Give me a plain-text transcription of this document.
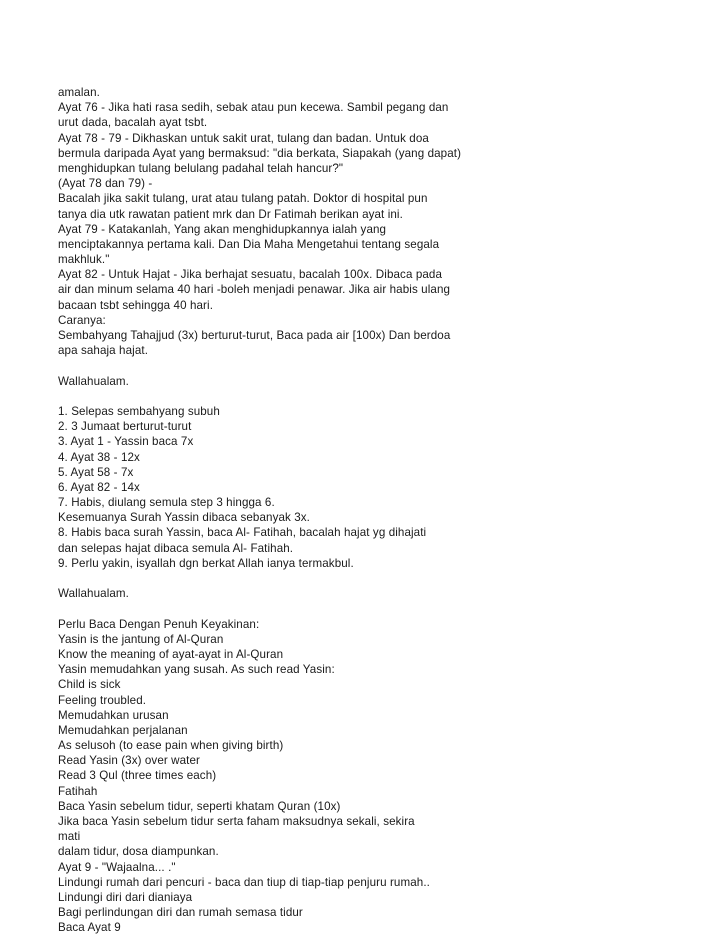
amalan.
Ayat 76 - Jika hati rasa sedih, sebak atau pun kecewa. Sambil pegang dan
urut dada, bacalah ayat tsbt.
Ayat 78 - 79 - Dikhaskan untuk sakit urat, tulang dan badan. Untuk doa
bermula daripada Ayat yang bermaksud: "dia berkata, Siapakah (yang dapat)
menghidupkan tulang belulang padahal telah hancur?"
(Ayat 78 dan 79) -
Bacalah jika sakit tulang, urat atau tulang patah. Doktor di hospital pun
tanya dia utk rawatan patient mrk dan Dr Fatimah berikan ayat ini.
Ayat 79 - Katakanlah, Yang akan menghidupkannya ialah yang
menciptakannya pertama kali. Dan Dia Maha Mengetahui tentang segala
makhluk."
Ayat 82 - Untuk Hajat - Jika berhajat sesuatu, bacalah 100x. Dibaca pada
air dan minum selama 40 hari -boleh menjadi penawar. Jika air habis ulang
bacaan tsbt sehingga 40 hari.
Caranya:
Sembahyang Tahajjud (3x) berturut-turut, Baca pada air [100x) Dan berdoa
apa sahaja hajat.
Wallahualam.
1. Selepas sembahyang subuh
2. 3 Jumaat berturut-turut
3. Ayat 1 - Yassin baca 7x
4. Ayat 38 - 12x
5. Ayat 58 - 7x
6. Ayat 82 - 14x
7. Habis, diulang semula step 3 hingga 6.
Kesemuanya Surah Yassin dibaca sebanyak 3x.
8. Habis baca surah Yassin, baca Al- Fatihah, bacalah hajat yg dihajati
dan selepas hajat dibaca semula Al- Fatihah.
9. Perlu yakin, isyallah dgn berkat Allah ianya termakbul.
Wallahualam.
Perlu Baca Dengan Penuh Keyakinan:
Yasin is the jantung of Al-Quran
Know the meaning of ayat-ayat in Al-Quran
Yasin memudahkan yang susah. As such read Yasin:
Child is sick
Feeling troubled.
Memudahkan urusan
Memudahkan perjalanan
As selusoh (to ease pain when giving birth)
Read Yasin (3x) over water
Read 3 Qul (three times each)
Fatihah
Baca Yasin sebelum tidur, seperti khatam Quran (10x)
Jika baca Yasin sebelum tidur serta faham maksudnya sekali, sekira
mati
dalam tidur, dosa diampunkan.
Ayat 9 - "Wajaalna... ."
Lindungi rumah dari pencuri - baca dan tiup di tiap-tiap penjuru rumah..
Lindungi diri dari dianiaya
Bagi perlindungan diri dan rumah semasa tidur
Baca Ayat 9
